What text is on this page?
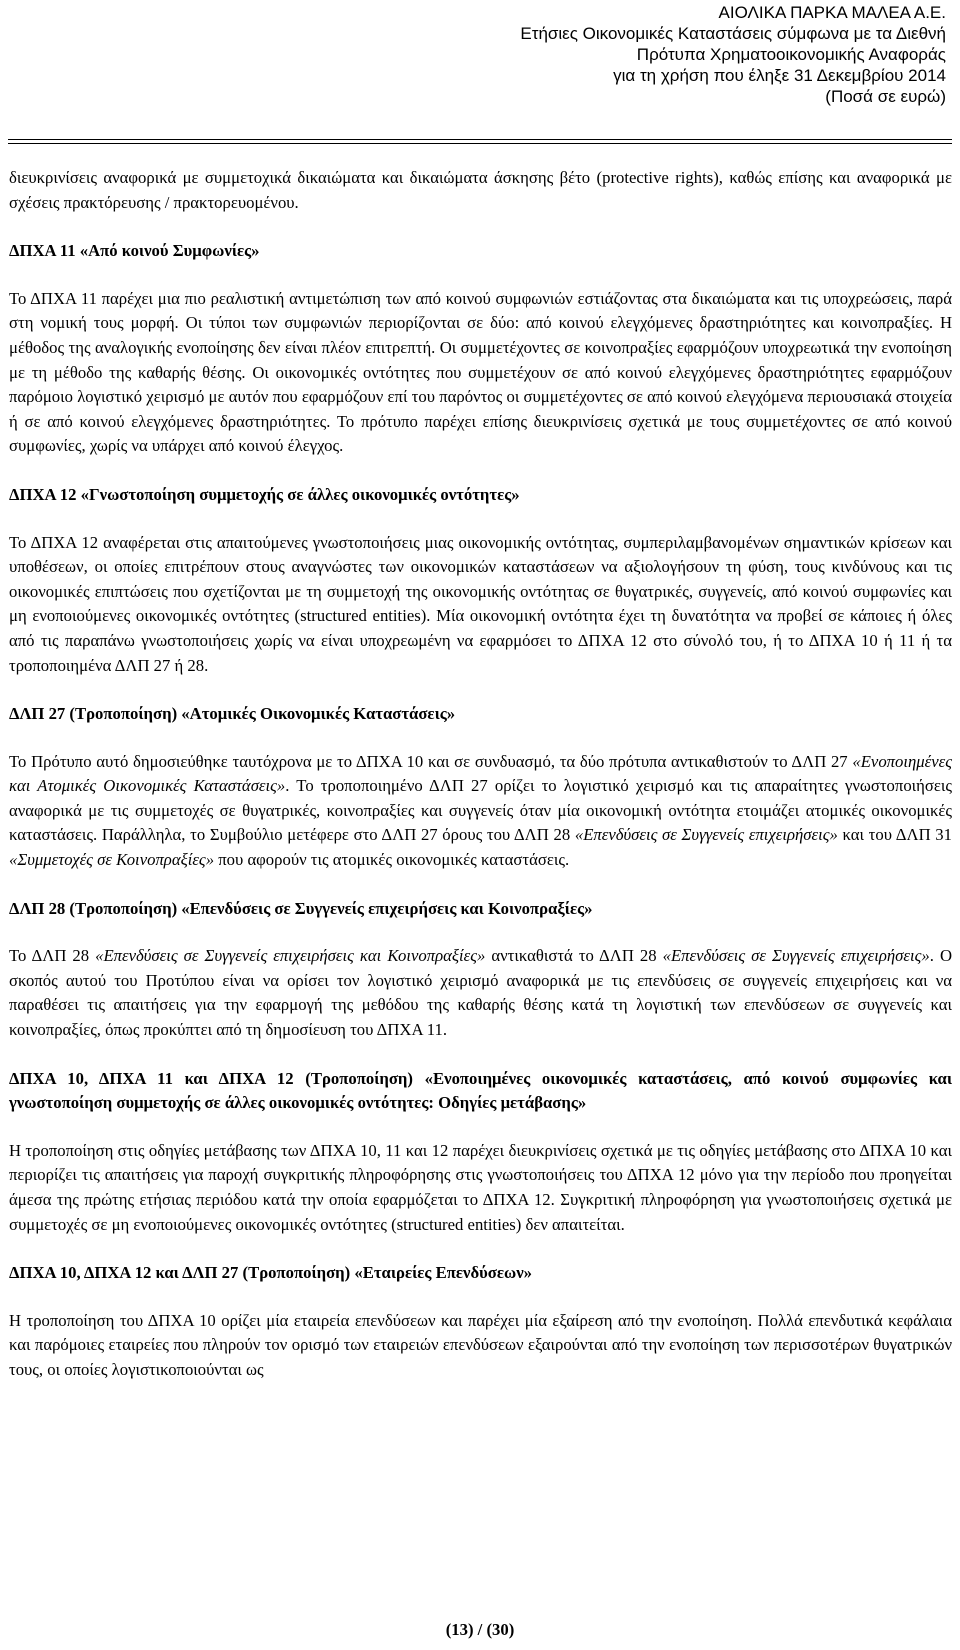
ΑΙΟΛΙΚΑ ΠΑΡΚΑ ΜΑΛΕΑ Α.Ε.
Ετήσιες Οικονομικές Καταστάσεις σύμφωνα με τα Διεθνή
Πρότυπα Χρηματοοικονομικής Αναφοράς
για τη χρήση που έληξε 31 Δεκεμβρίου 2014
(Ποσά σε ευρώ)

διευκρινίσεις αναφορικά με συμμετοχικά δικαιώματα και δικαιώματα άσκησης βέτο (protective rights), καθώς επίσης και αναφορικά με σχέσεις πρακτόρευσης / πρακτορευομένου.

ΔΠΧΑ 11 «Από κοινού Συμφωνίες»

Το ΔΠΧΑ 11 παρέχει μια πιο ρεαλιστική αντιμετώπιση των από κοινού συμφωνιών εστιάζοντας στα δικαιώματα και τις υποχρεώσεις, παρά στη νομική τους μορφή. Οι τύποι των συμφωνιών περιορίζονται σε δύο: από κοινού ελεγχόμενες δραστηριότητες και κοινοπραξίες. Η μέθοδος της αναλογικής ενοποίησης δεν είναι πλέον επιτρεπτή. Οι συμμετέχοντες σε κοινοπραξίες εφαρμόζουν υποχρεωτικά την ενοποίηση με τη μέθοδο της καθαρής θέσης. Οι οικονομικές οντότητες που συμμετέχουν σε από κοινού ελεγχόμενες δραστηριότητες εφαρμόζουν παρόμοιο λογιστικό χειρισμό με αυτόν που εφαρμόζουν επί του παρόντος οι συμμετέχοντες σε από κοινού ελεγχόμενα περιουσιακά στοιχεία ή σε από κοινού ελεγχόμενες δραστηριότητες. Το πρότυπο παρέχει επίσης διευκρινίσεις σχετικά με τους συμμετέχοντες σε από κοινού συμφωνίες, χωρίς να υπάρχει από κοινού έλεγχος.

ΔΠΧΑ 12 «Γνωστοποίηση συμμετοχής σε άλλες οικονομικές οντότητες»

Το ΔΠΧΑ 12 αναφέρεται στις απαιτούμενες γνωστοποιήσεις μιας οικονομικής οντότητας, συμπεριλαμβανομένων σημαντικών κρίσεων και υποθέσεων, οι οποίες επιτρέπουν στους αναγνώστες των οικονομικών καταστάσεων να αξιολογήσουν τη φύση, τους κινδύνους και τις οικονομικές επιπτώσεις που σχετίζονται με τη συμμετοχή της οικονομικής οντότητας σε θυγατρικές, συγγενείς, από κοινού συμφωνίες και μη ενοποιούμενες οικονομικές οντότητες (structured entities). Μία οικονομική οντότητα έχει τη δυνατότητα να προβεί σε κάποιες ή όλες από τις παραπάνω γνωστοποιήσεις χωρίς να είναι υποχρεωμένη να εφαρμόσει το ΔΠΧΑ 12 στο σύνολό του, ή το ΔΠΧΑ 10 ή 11 ή τα τροποποιημένα ΔΛΠ 27 ή 28.

ΔΛΠ 27 (Τροποποίηση) «Ατομικές Οικονομικές Καταστάσεις»

Το Πρότυπο αυτό δημοσιεύθηκε ταυτόχρονα με το ΔΠΧΑ 10 και σε συνδυασμό, τα δύο πρότυπα αντικαθιστούν το ΔΛΠ 27 «Ενοποιημένες και Ατομικές Οικονομικές Καταστάσεις». Το τροποποιημένο ΔΛΠ 27 ορίζει το λογιστικό χειρισμό και τις απαραίτητες γνωστοποιήσεις αναφορικά με τις συμμετοχές σε θυγατρικές, κοινοπραξίες και συγγενείς όταν μία οικονομική οντότητα ετοιμάζει ατομικές οικονομικές καταστάσεις. Παράλληλα, το Συμβούλιο μετέφερε στο ΔΛΠ 27 όρους του ΔΛΠ 28 «Επενδύσεις σε Συγγενείς επιχειρήσεις» και του ΔΛΠ 31 «Συμμετοχές σε Κοινοπραξίες» που αφορούν τις ατομικές οικονομικές καταστάσεις.

ΔΛΠ 28 (Τροποποίηση) «Επενδύσεις σε Συγγενείς επιχειρήσεις και Κοινοπραξίες»

Το ΔΛΠ 28 «Επενδύσεις σε Συγγενείς επιχειρήσεις και Κοινοπραξίες» αντικαθιστά το ΔΛΠ 28 «Επενδύσεις σε Συγγενείς επιχειρήσεις». Ο σκοπός αυτού του Προτύπου είναι να ορίσει τον λογιστικό χειρισμό αναφορικά με τις επενδύσεις σε συγγενείς επιχειρήσεις και να παραθέσει τις απαιτήσεις για την εφαρμογή της μεθόδου της καθαρής θέσης κατά τη λογιστική των επενδύσεων σε συγγενείς και κοινοπραξίες, όπως προκύπτει από τη δημοσίευση του ΔΠΧΑ 11.

ΔΠΧΑ 10, ΔΠΧΑ 11 και ΔΠΧΑ 12 (Τροποποίηση) «Ενοποιημένες οικονομικές καταστάσεις, από κοινού συμφωνίες και γνωστοποίηση συμμετοχής σε άλλες οικονομικές οντότητες: Οδηγίες μετάβασης»

Η τροποποίηση στις οδηγίες μετάβασης των ΔΠΧΑ 10, 11 και 12 παρέχει διευκρινίσεις σχετικά με τις οδηγίες μετάβασης στο ΔΠΧΑ 10 και περιορίζει τις απαιτήσεις για παροχή συγκριτικής πληροφόρησης στις γνωστοποιήσεις του ΔΠΧΑ 12 μόνο για την περίοδο που προηγείται άμεσα της πρώτης ετήσιας περιόδου κατά την οποία εφαρμόζεται το ΔΠΧΑ 12. Συγκριτική πληροφόρηση για γνωστοποιήσεις σχετικά με συμμετοχές σε μη ενοποιούμενες οικονομικές οντότητες (structured entities) δεν απαιτείται.

ΔΠΧΑ 10, ΔΠΧΑ 12 και ΔΛΠ 27 (Τροποποίηση) «Εταιρείες Επενδύσεων»

Η τροποποίηση του ΔΠΧΑ 10 ορίζει μία εταιρεία επενδύσεων και παρέχει μία εξαίρεση από την ενοποίηση. Πολλά επενδυτικά κεφάλαια και παρόμοιες εταιρείες που πληρούν τον ορισμό των εταιρειών επενδύσεων εξαιρούνται από την ενοποίηση των περισσοτέρων θυγατρικών τους, οι οποίες λογιστικοποιούνται ως

(13) / (30)
